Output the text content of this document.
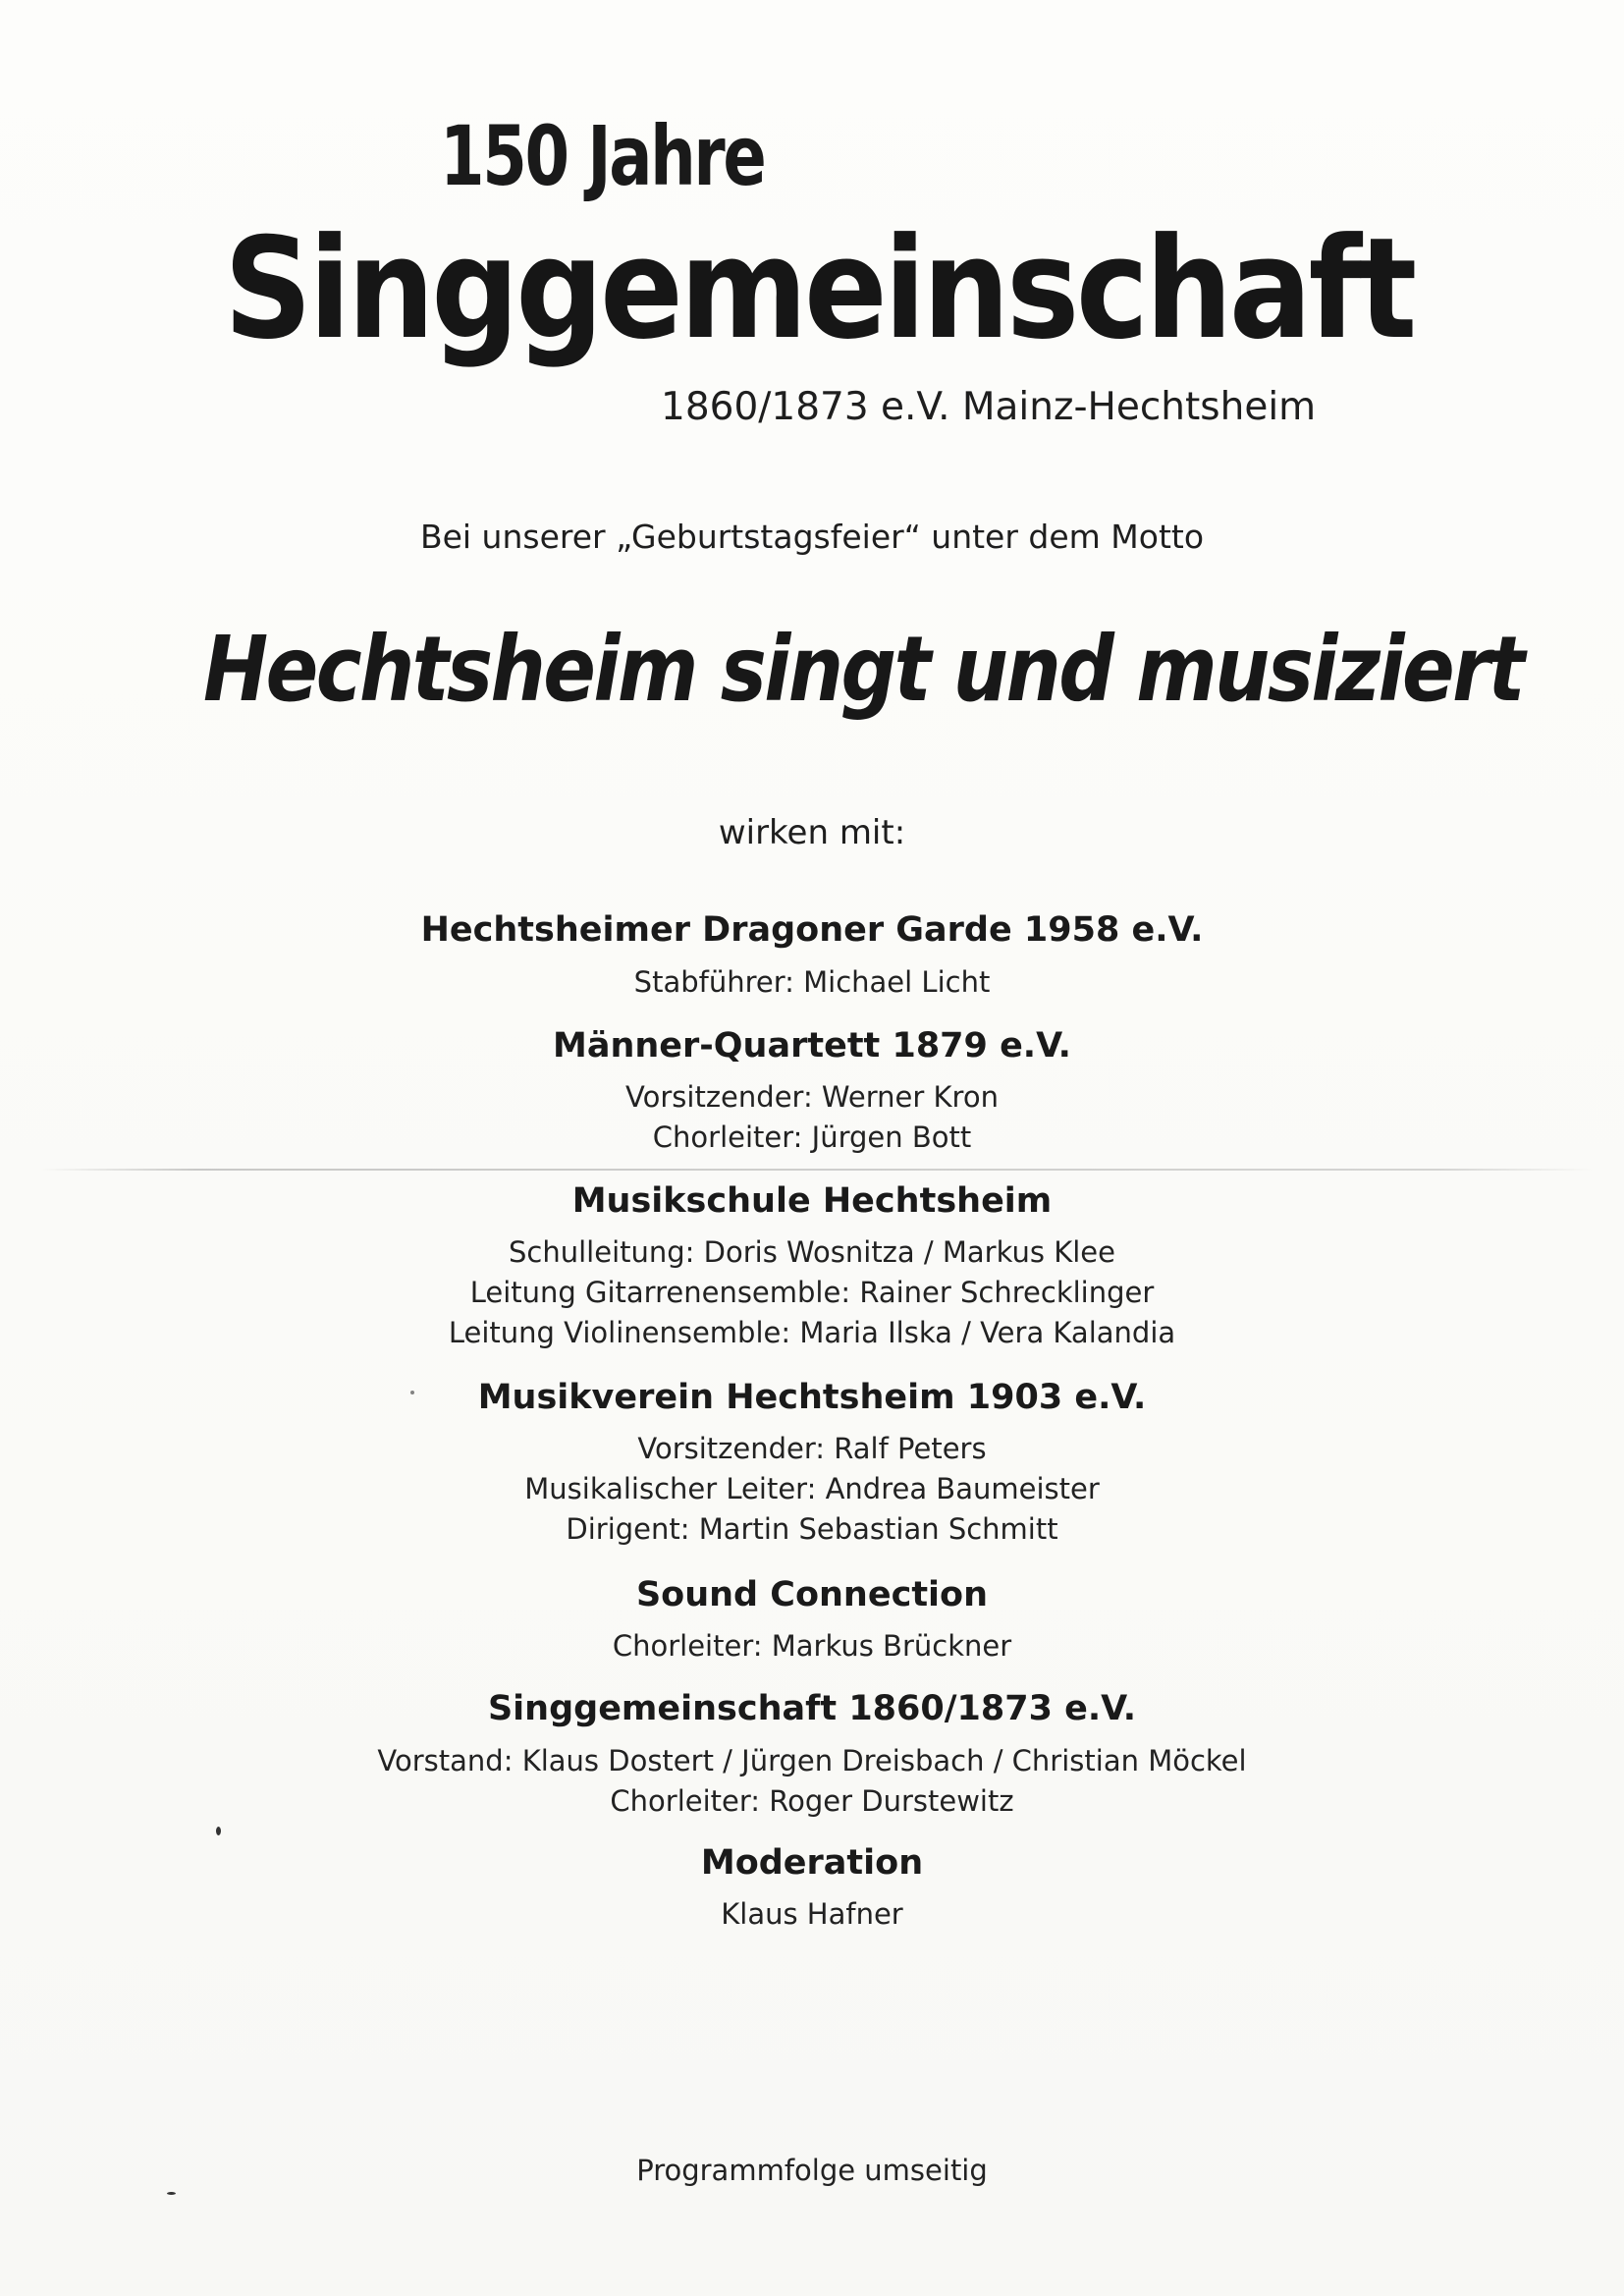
150 Jahre
Singgemeinschaft
1860/1873 e.V. Mainz-Hechtsheim
Bei unserer „Geburtstagsfeier“ unter dem Motto
Hechtsheim singt und musiziert
wirken mit:
Hechtsheimer Dragoner Garde 1958 e.V.
Stabführer: Michael Licht
Männer-Quartett 1879 e.V.
Vorsitzender: Werner Kron
Chorleiter: Jürgen Bott
Musikschule Hechtsheim
Schulleitung: Doris Wosnitza / Markus Klee
Leitung Gitarrenensemble: Rainer Schrecklinger
Leitung Violinensemble: Maria Ilska / Vera Kalandia
Musikverein Hechtsheim 1903 e.V.
Vorsitzender: Ralf Peters
Musikalischer Leiter: Andrea Baumeister
Dirigent: Martin Sebastian Schmitt
Sound Connection
Chorleiter: Markus Brückner
Singgemeinschaft 1860/1873 e.V.
Vorstand: Klaus Dostert / Jürgen Dreisbach / Christian Möckel
Chorleiter: Roger Durstewitz
Moderation
Klaus Hafner
Programmfolge umseitig
